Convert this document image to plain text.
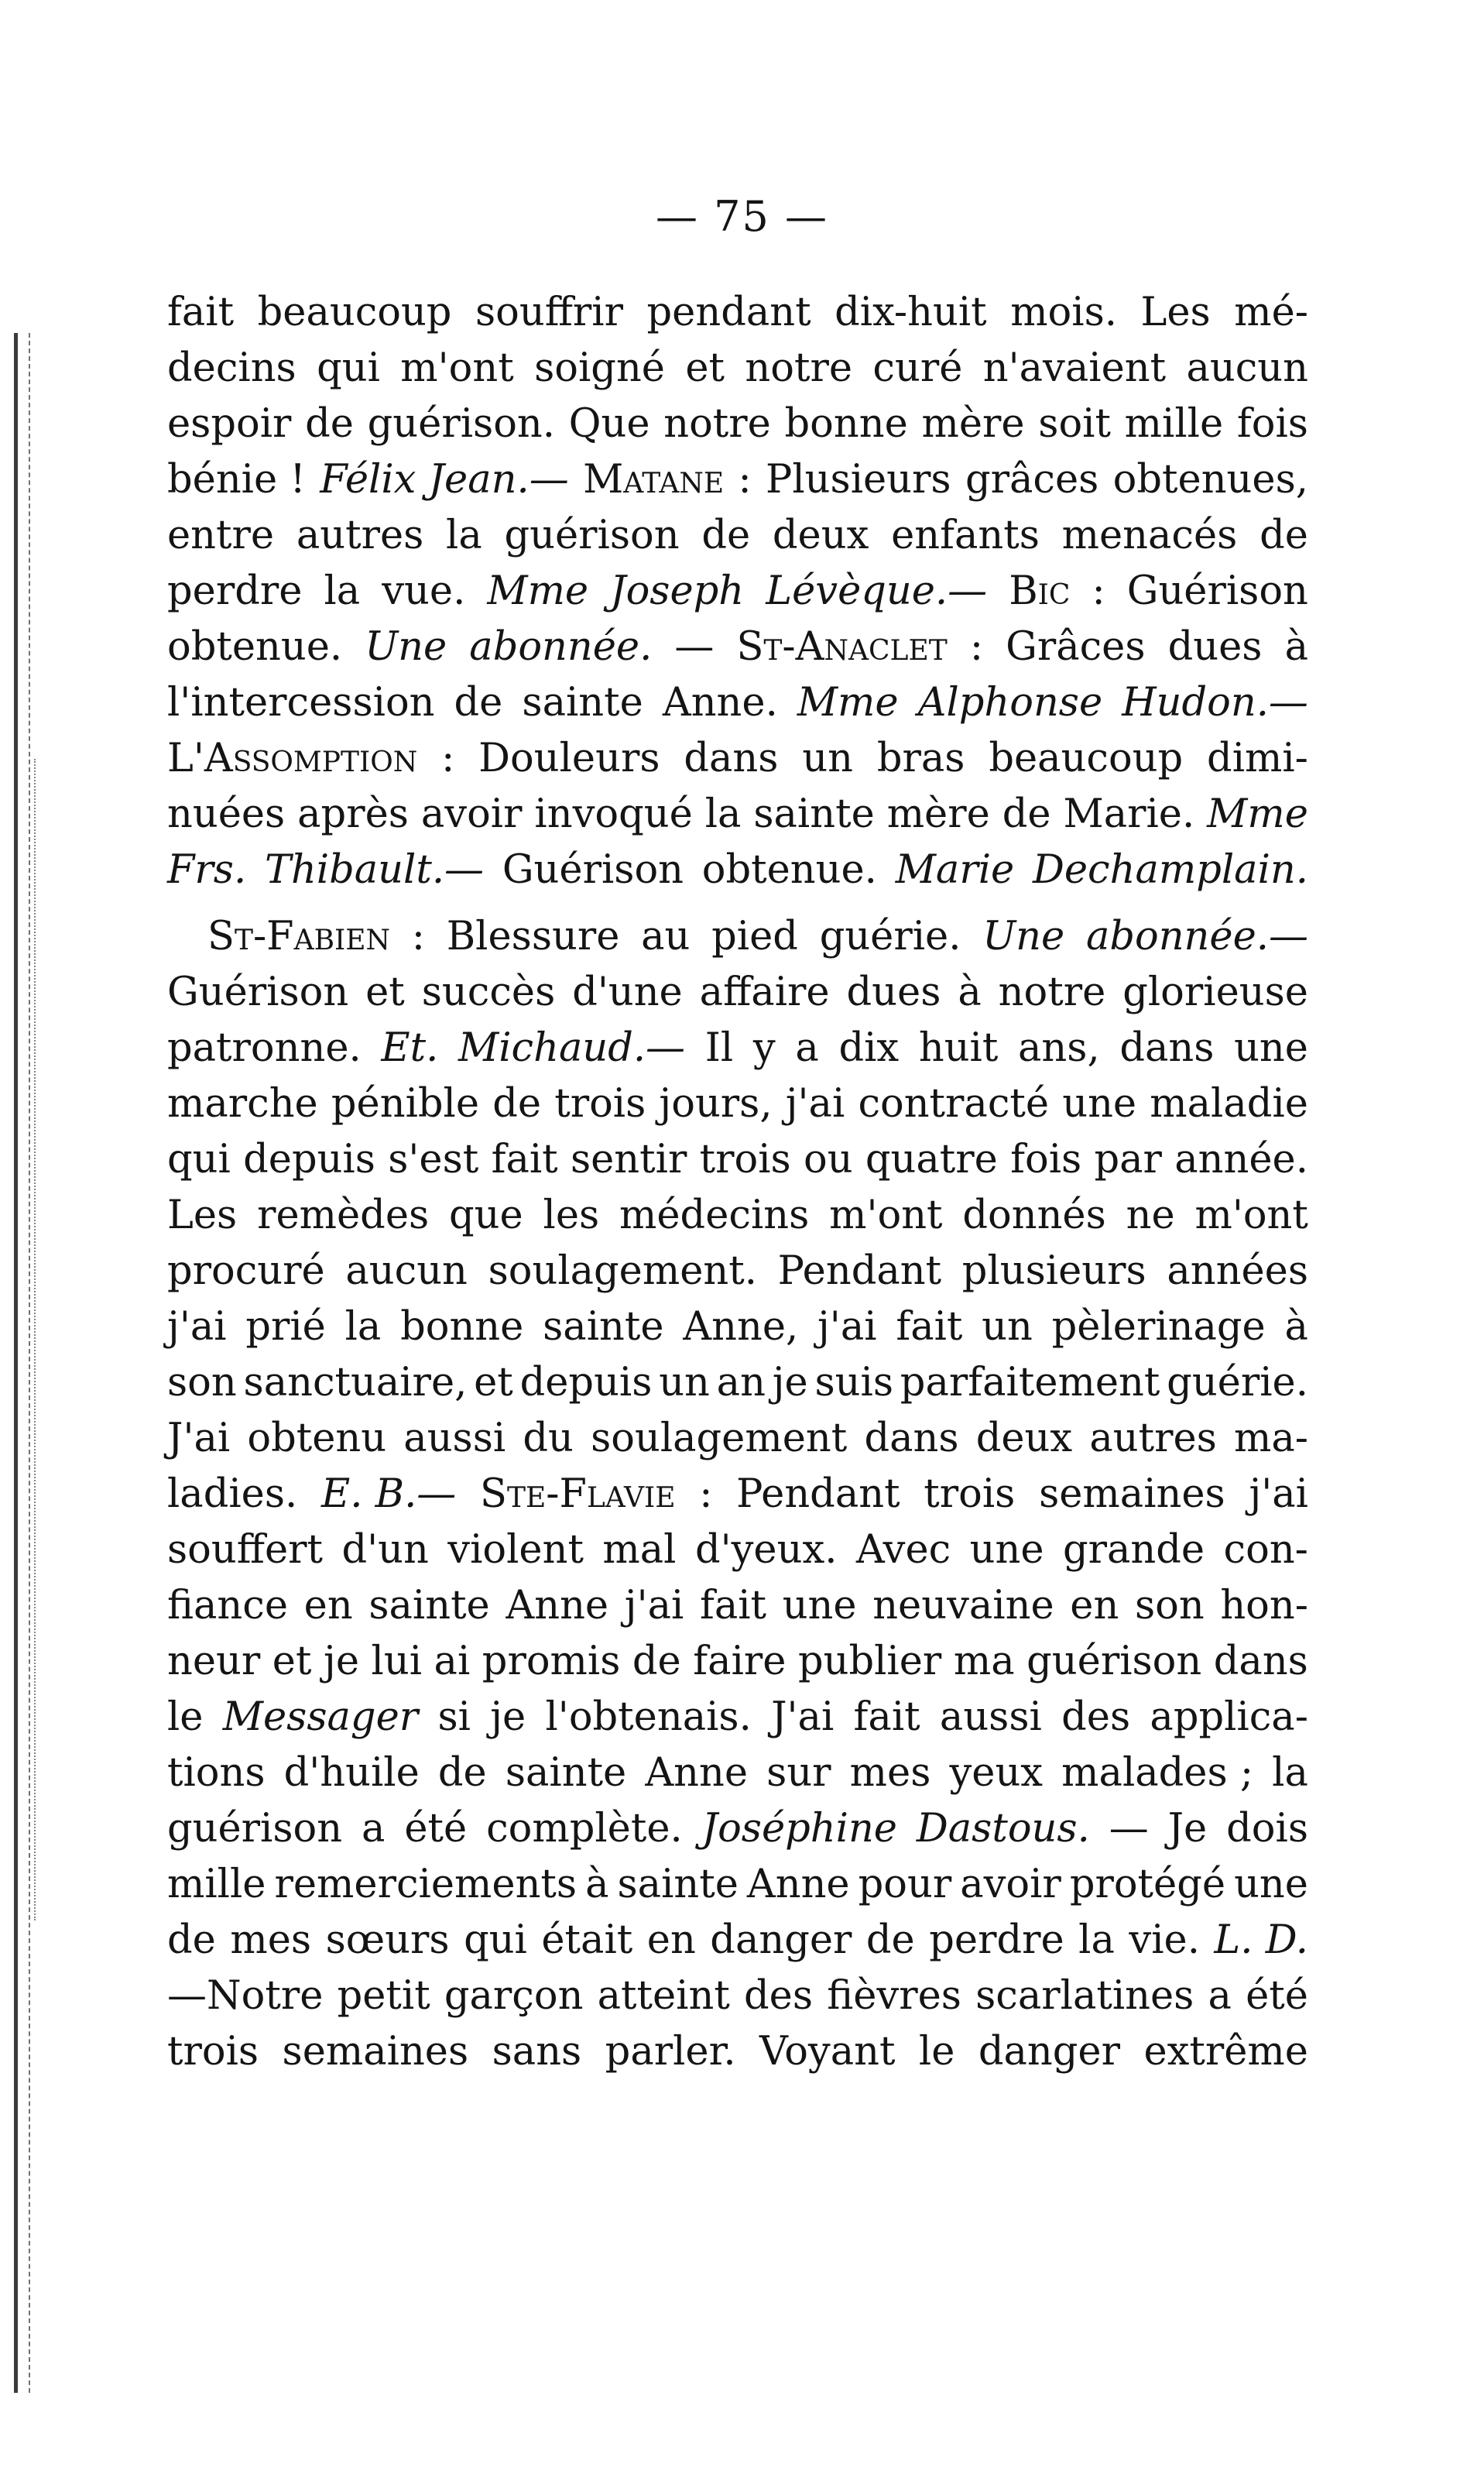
— 75 —
fait beaucoup souffrir pendant dix-huit mois. Les mé-
decins qui m'ont soigné et notre curé n'avaient aucun
espoir de guérison. Que notre bonne mère soit mille fois
bénie ! Félix Jean.— Matane : Plusieurs grâces obtenues,
entre autres la guérison de deux enfants menacés de
perdre la vue. Mme Joseph Lévèque.— Bic : Guérison
obtenue. Une abonnée. — St-Anaclet : Grâces dues à
l'intercession de sainte Anne. Mme Alphonse Hudon.—
L'Assomption : Douleurs dans un bras beaucoup dimi-
nuées après avoir invoqué la sainte mère de Marie. Mme
Frs. Thibault.— Guérison obtenue. Marie Dechamplain.
St-Fabien : Blessure au pied guérie. Une abonnée.—
Guérison et succès d'une affaire dues à notre glorieuse
patronne. Et. Michaud.— Il y a dix huit ans, dans une
marche pénible de trois jours, j'ai contracté une maladie
qui depuis s'est fait sentir trois ou quatre fois par année.
Les remèdes que les médecins m'ont donnés ne m'ont
procuré aucun soulagement. Pendant plusieurs années
j'ai prié la bonne sainte Anne, j'ai fait un pèlerinage à
son sanctuaire, et depuis un an je suis parfaitement guérie.
J'ai obtenu aussi du soulagement dans deux autres ma-
ladies. E. B.— Ste-Flavie : Pendant trois semaines j'ai
souffert d'un violent mal d'yeux. Avec une grande con-
fiance en sainte Anne j'ai fait une neuvaine en son hon-
neur et je lui ai promis de faire publier ma guérison dans
le Messager si je l'obtenais. J'ai fait aussi des applica-
tions d'huile de sainte Anne sur mes yeux malades ; la
guérison a été complète. Joséphine Dastous. — Je dois
mille remerciements à sainte Anne pour avoir protégé une
de mes sœurs qui était en danger de perdre la vie. L. D.
—Notre petit garçon atteint des fièvres scarlatines a été
trois semaines sans parler. Voyant le danger extrême
